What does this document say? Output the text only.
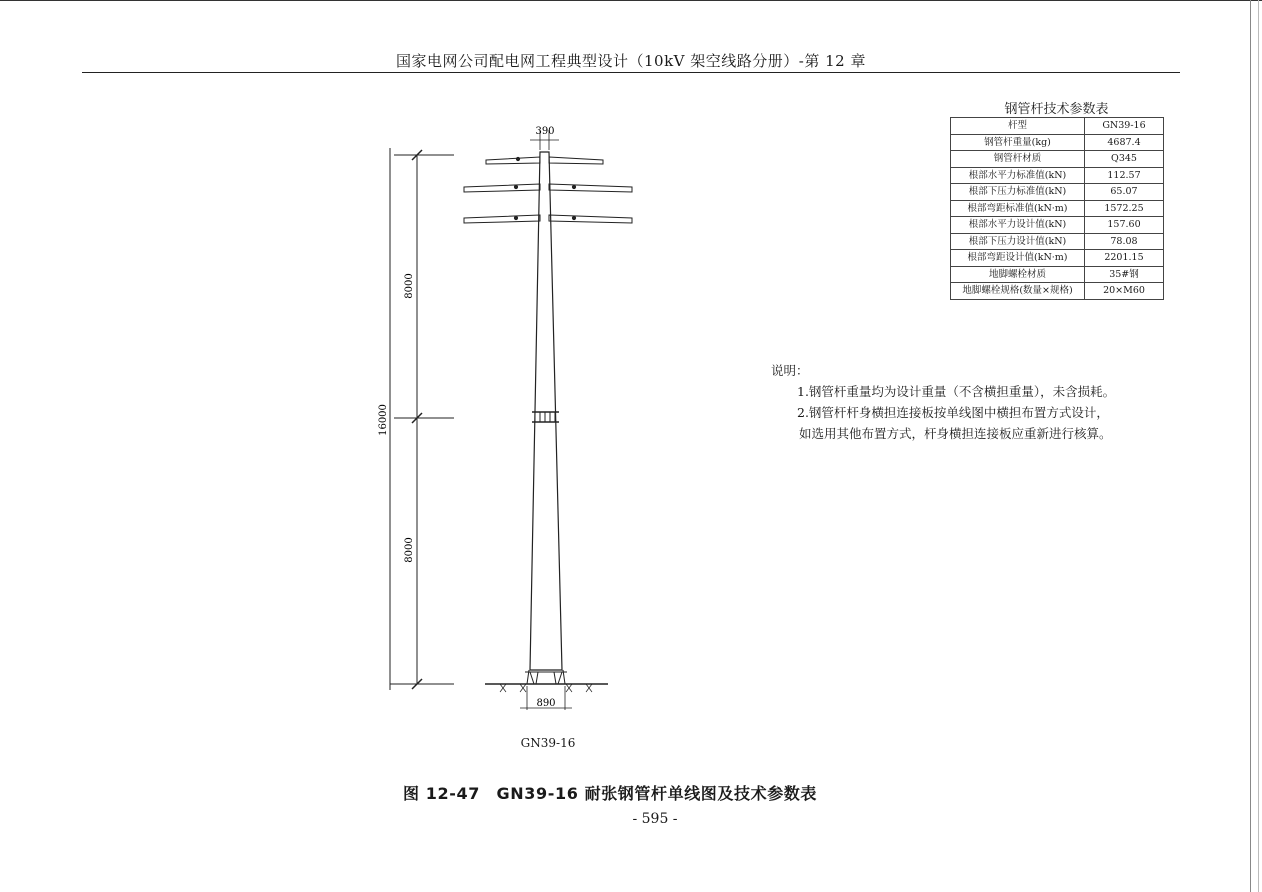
国家电网公司配电网工程典型设计（10kV 架空线路分册）-第 12 章
390
890
8000
8000
16000
GN39-16
钢管杆技术参数表
杆型	GN39-16
钢管杆重量(kg)	4687.4
钢管杆材质	Q345
根部水平力标准值(kN)	112.57
根部下压力标准值(kN)	65.07
根部弯距标准值(kN·m)	1572.25
根部水平力设计值(kN)	157.60
根部下压力设计值(kN)	78.08
根部弯距设计值(kN·m)	2201.15
地脚螺栓材质	35#钢
地脚螺栓规格(数量×规格)	20×M60
说明：
1.钢管杆重量均为设计重量（不含横担重量），未含损耗。
2.钢管杆杆身横担连接板按单线图中横担布置方式设计，
如选用其他布置方式，杆身横担连接板应重新进行核算。
图 12-47　GN39-16 耐张钢管杆单线图及技术参数表
- 595 -
